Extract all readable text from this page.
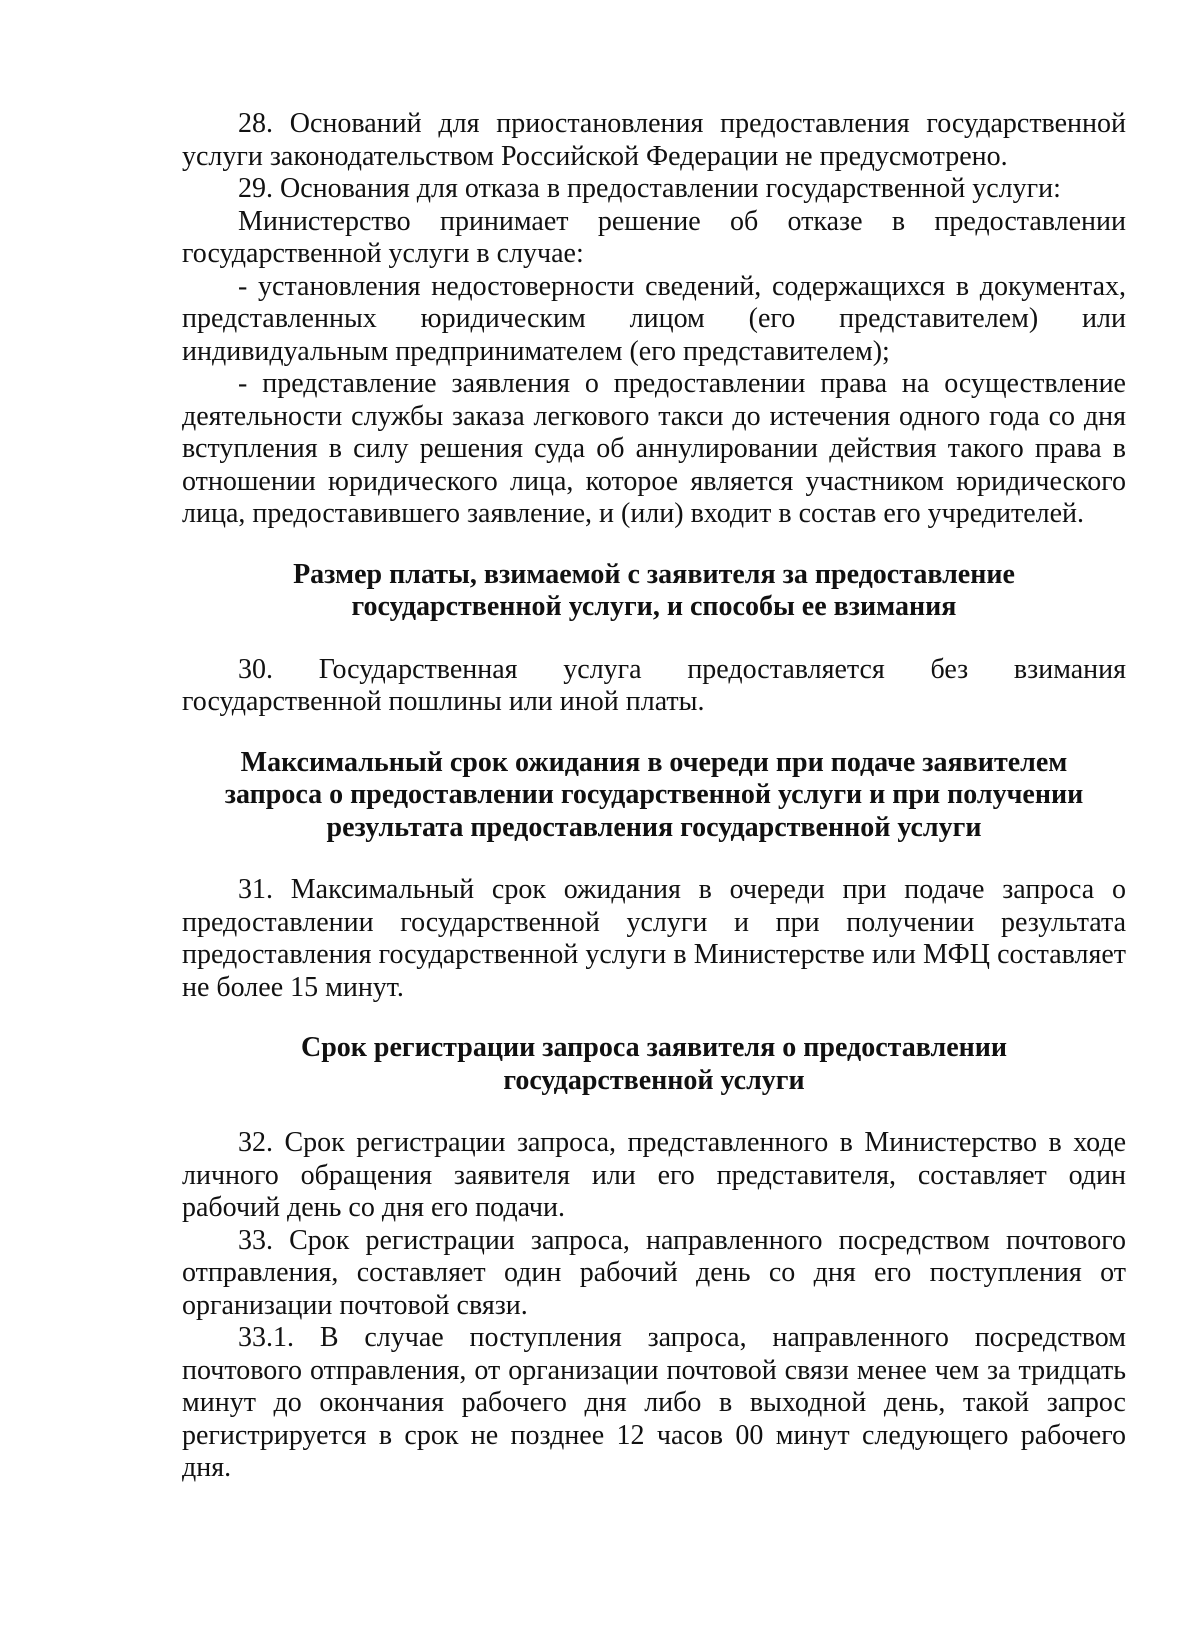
28. Оснований для приостановления предоставления государственной услуги законодательством Российской Федерации не предусмотрено.

29. Основания для отказа в предоставлении государственной услуги:

Министерство принимает решение об отказе в предоставлении государственной услуги в случае:

- установления недостоверности сведений, содержащихся в документах, представленных юридическим лицом (его представителем) или индивидуальным предпринимателем (его представителем);

- представление заявления о предоставлении права на осуществление деятельности службы заказа легкового такси до истечения одного года со дня вступления в силу решения суда об аннулировании действия такого права в отношении юридического лица, которое является участником юридического лица, предоставившего заявление, и (или) входит в состав его учредителей.

Размер платы, взимаемой с заявителя за предоставление
государственной услуги, и способы ее взимания

30. Государственная услуга предоставляется без взимания государственной пошлины или иной платы.

Максимальный срок ожидания в очереди при подаче заявителем
запроса о предоставлении государственной услуги и при получении
результата предоставления государственной услуги

31. Максимальный срок ожидания в очереди при подаче запроса о предоставлении государственной услуги и при получении результата предоставления государственной услуги в Министерстве или МФЦ составляет не более 15 минут.

Срок регистрации запроса заявителя о предоставлении
государственной услуги

32. Срок регистрации запроса, представленного в Министерство в ходе личного обращения заявителя или его представителя, составляет один рабочий день со дня его подачи.

33. Срок регистрации запроса, направленного посредством почтового отправления, составляет один рабочий день со дня его поступления от организации почтовой связи.

33.1. В случае поступления запроса, направленного посредством почтового отправления, от организации почтовой связи менее чем за тридцать минут до окончания рабочего дня либо в выходной день, такой запрос регистрируется в срок не позднее 12 часов 00 минут следующего рабочего дня.
